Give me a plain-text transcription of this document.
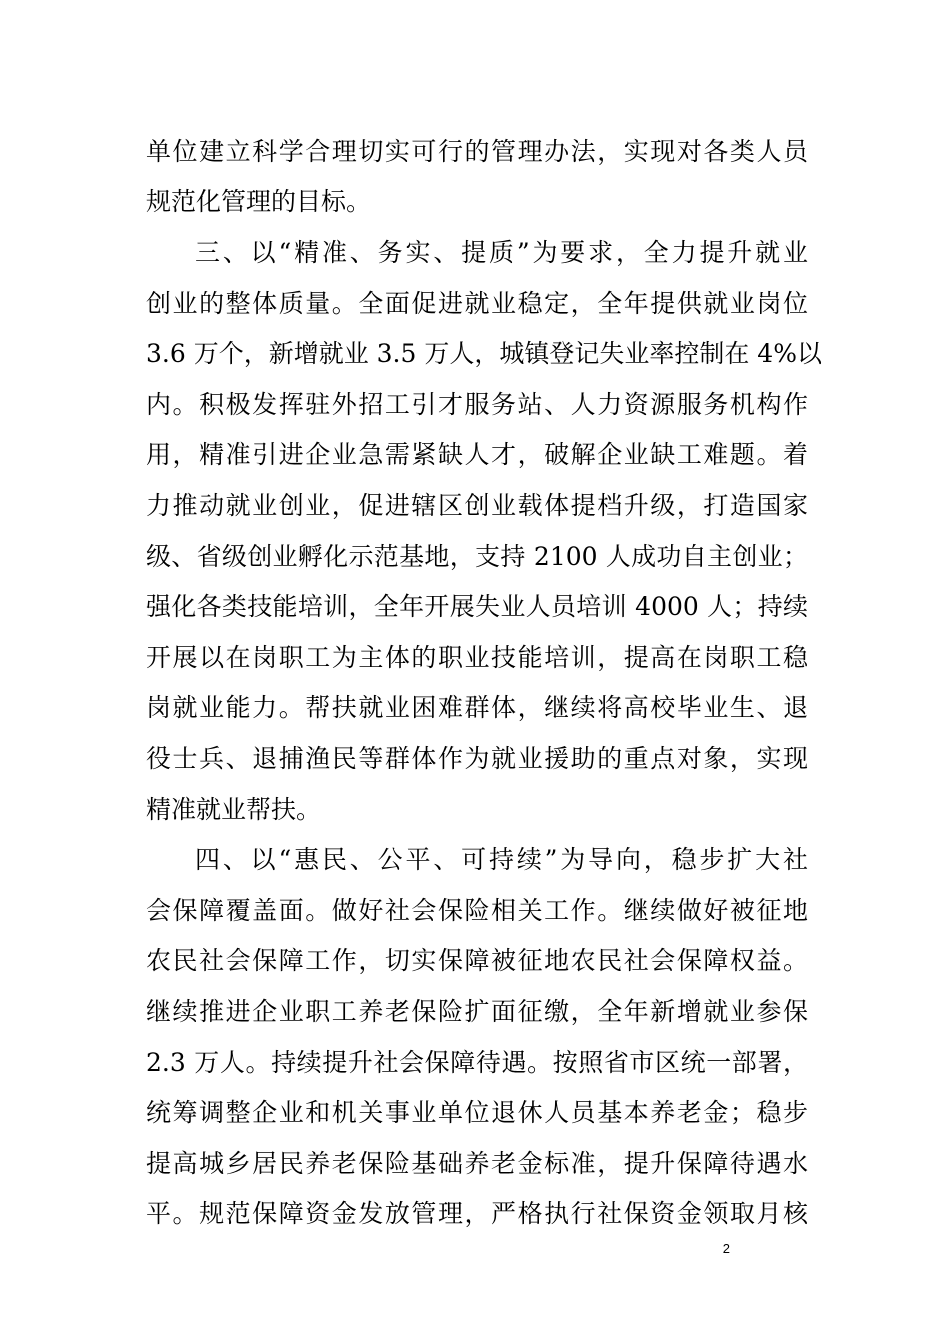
单位建立科学合理切实可行的管理办法，实现对各类人员
规范化管理的目标。
三、以“精准、务实、提质”为要求，全力提升就业
创业的整体质量。全面促进就业稳定，全年提供就业岗位
3.6 万个，新增就业 3.5 万人，城镇登记失业率控制在 4%以
内。积极发挥驻外招工引才服务站、人力资源服务机构作
用，精准引进企业急需紧缺人才，破解企业缺工难题。着
力推动就业创业，促进辖区创业载体提档升级，打造国家
级、省级创业孵化示范基地，支持 2100 人成功自主创业；
强化各类技能培训，全年开展失业人员培训 4000 人；持续
开展以在岗职工为主体的职业技能培训，提高在岗职工稳
岗就业能力。帮扶就业困难群体，继续将高校毕业生、退
役士兵、退捕渔民等群体作为就业援助的重点对象，实现
精准就业帮扶。
四、以“惠民、公平、可持续”为导向，稳步扩大社
会保障覆盖面。做好社会保险相关工作。继续做好被征地
农民社会保障工作，切实保障被征地农民社会保障权益。
继续推进企业职工养老保险扩面征缴，全年新增就业参保
2.3 万人。持续提升社会保障待遇。按照省市区统一部署，
统筹调整企业和机关事业单位退休人员基本养老金；稳步
提高城乡居民养老保险基础养老金标准，提升保障待遇水
平。规范保障资金发放管理，严格执行社保资金领取月核
2
